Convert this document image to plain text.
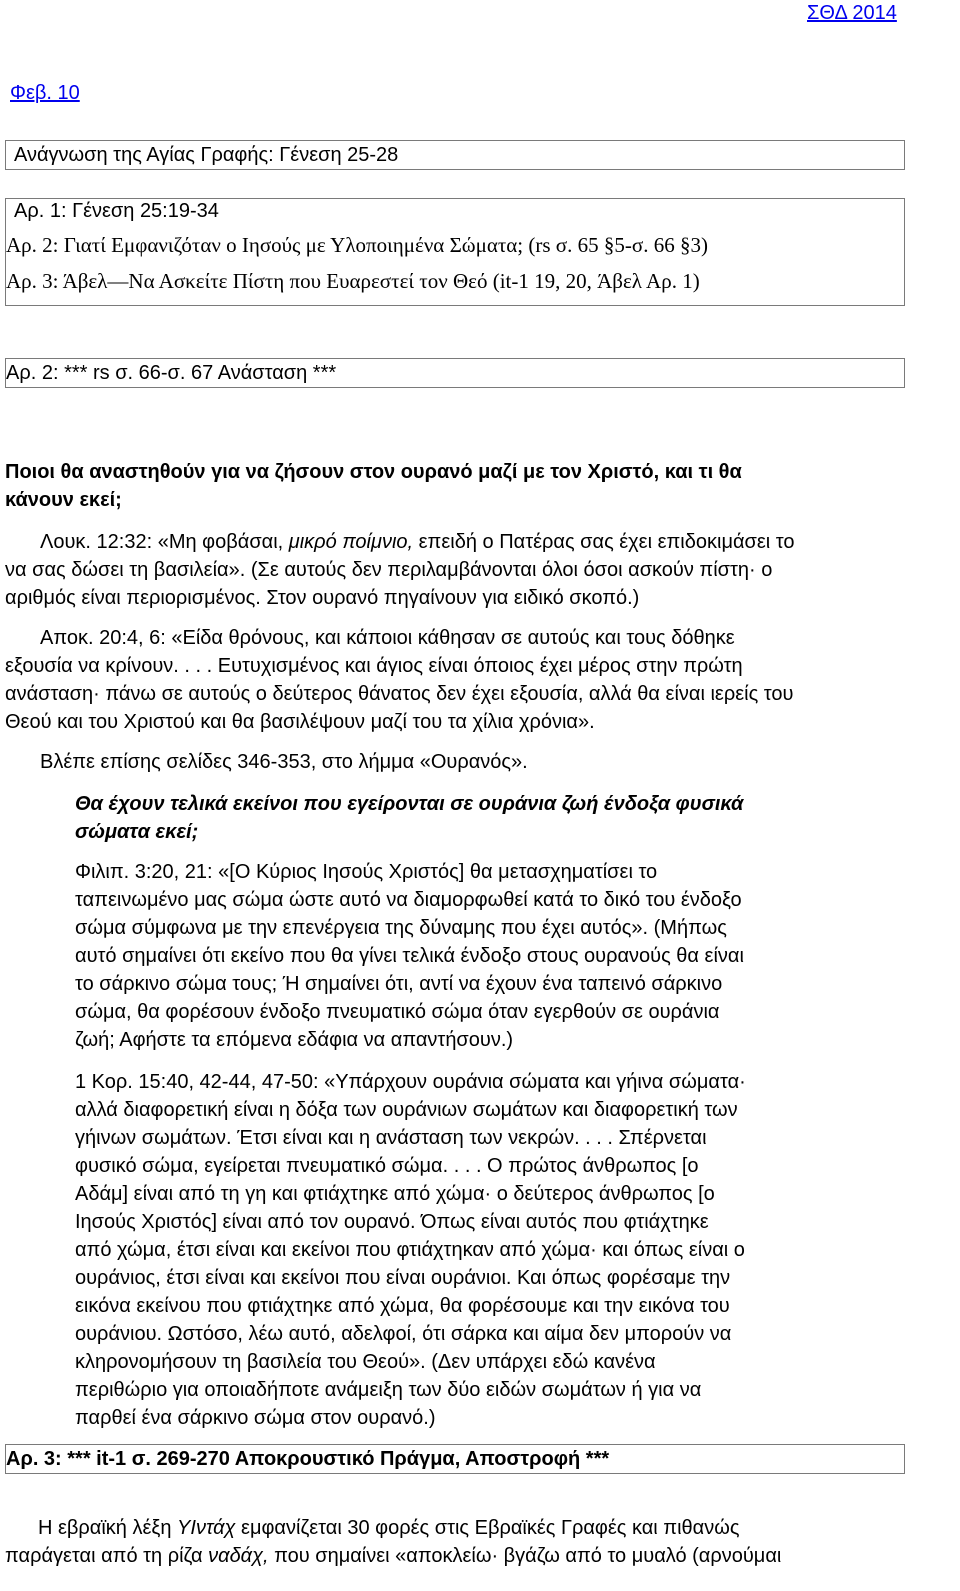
ΣΘΔ 2014
Φεβ. 10
Ανάγνωση της Αγίας Γραφής: Γένεση 25-28
Αρ. 1: Γένεση 25:19-34
Αρ. 2: Γιατί Εμφανιζόταν ο Ιησούς με Υλοποιημένα Σώματα; (rs σ. 65 §5-σ. 66 §3)
Αρ. 3: Άβελ—Να Ασκείτε Πίστη που Ευαρεστεί τον Θεό (it-1 19, 20, Άβελ Αρ. 1)
Αρ. 2: *** rs σ. 66-σ. 67 Ανάσταση ***
Ποιοι θα αναστηθούν για να ζήσουν στον ουρανό μαζί με τον Χριστό, και τι θα
κάνουν εκεί;
Λουκ. 12:32: «Μη φοβάσαι, μικρό ποίμνιο, επειδή ο Πατέρας σας έχει επιδοκιμάσει το
να σας δώσει τη βασιλεία». (Σε αυτούς δεν περιλαμβάνονται όλοι όσοι ασκούν πίστη· ο
αριθμός είναι περιορισμένος. Στον ουρανό πηγαίνουν για ειδικό σκοπό.)
Αποκ. 20:4, 6: «Είδα θρόνους, και κάποιοι κάθησαν σε αυτούς και τους δόθηκε
εξουσία να κρίνουν. . . . Ευτυχισμένος και άγιος είναι όποιος έχει μέρος στην πρώτη
ανάσταση· πάνω σε αυτούς ο δεύτερος θάνατος δεν έχει εξουσία, αλλά θα είναι ιερείς του
Θεού και του Χριστού και θα βασιλέψουν μαζί του τα χίλια χρόνια».
Βλέπε επίσης σελίδες 346-353, στο λήμμα «Ουρανός».
Θα έχουν τελικά εκείνοι που εγείρονται σε ουράνια ζωή ένδοξα φυσικά
σώματα εκεί;
Φιλιπ. 3:20, 21: «[Ο Κύριος Ιησούς Χριστός] θα μετασχηματίσει το
ταπεινωμένο μας σώμα ώστε αυτό να διαμορφωθεί κατά το δικό του ένδοξο
σώμα σύμφωνα με την επενέργεια της δύναμης που έχει αυτός». (Μήπως
αυτό σημαίνει ότι εκείνο που θα γίνει τελικά ένδοξο στους ουρανούς θα είναι
το σάρκινο σώμα τους; Ή σημαίνει ότι, αντί να έχουν ένα ταπεινό σάρκινο
σώμα, θα φορέσουν ένδοξο πνευματικό σώμα όταν εγερθούν σε ουράνια
ζωή; Αφήστε τα επόμενα εδάφια να απαντήσουν.)
1 Κορ. 15:40, 42-44, 47-50: «Υπάρχουν ουράνια σώματα και γήινα σώματα·
αλλά διαφορετική είναι η δόξα των ουράνιων σωμάτων και διαφορετική των
γήινων σωμάτων. Έτσι είναι και η ανάσταση των νεκρών. . . . Σπέρνεται
φυσικό σώμα, εγείρεται πνευματικό σώμα. . . . Ο πρώτος άνθρωπος [ο
Αδάμ] είναι από τη γη και φτιάχτηκε από χώμα· ο δεύτερος άνθρωπος [ο
Ιησούς Χριστός] είναι από τον ουρανό. Όπως είναι αυτός που φτιάχτηκε
από χώμα, έτσι είναι και εκείνοι που φτιάχτηκαν από χώμα· και όπως είναι ο
ουράνιος, έτσι είναι και εκείνοι που είναι ουράνιοι. Και όπως φορέσαμε την
εικόνα εκείνου που φτιάχτηκε από χώμα, θα φορέσουμε και την εικόνα του
ουράνιου. Ωστόσο, λέω αυτό, αδελφοί, ότι σάρκα και αίμα δεν μπορούν να
κληρονομήσουν τη βασιλεία του Θεού». (Δεν υπάρχει εδώ κανένα
περιθώριο για οποιαδήποτε ανάμειξη των δύο ειδών σωμάτων ή για να
παρθεί ένα σάρκινο σώμα στον ουρανό.)
Αρ. 3: *** it-1 σ. 269-270 Αποκρουστικό Πράγμα, Αποστροφή ***
Η εβραϊκή λέξη ΥΙντάχ εμφανίζεται 30 φορές στις Εβραϊκές Γραφές και πιθανώς
παράγεται από τη ρίζα ναδάχ, που σημαίνει «αποκλείω· βγάζω από το μυαλό (αρνούμαι
